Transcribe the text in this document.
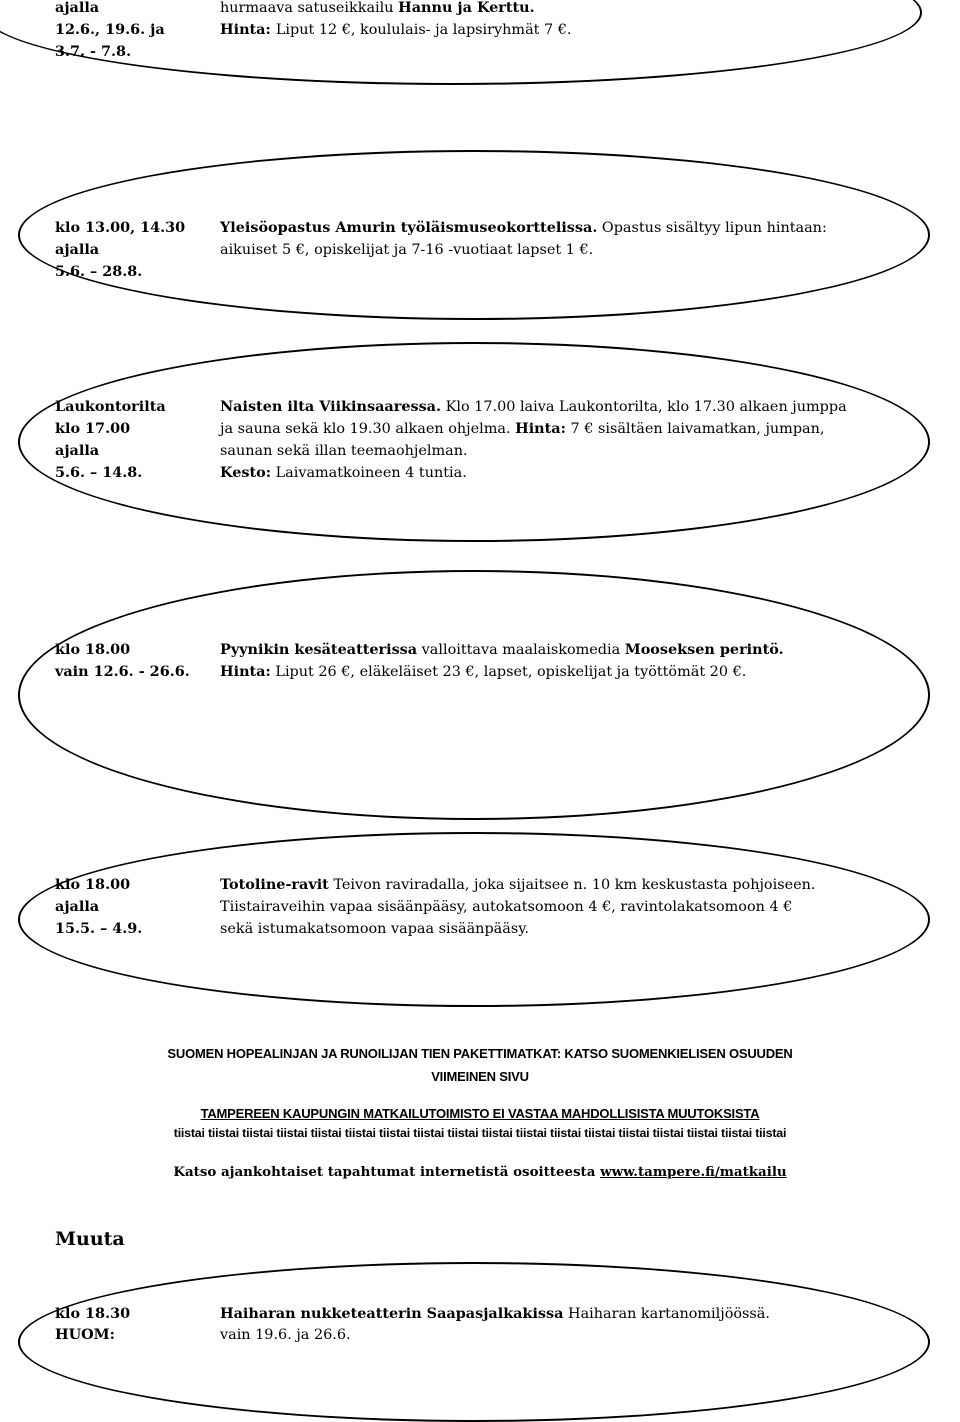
ajalla
12.6., 19.6. ja
3.7. - 7.8.
hurmaava satuseikkailu Hannu ja Kerttu.
Hinta: Liput 12 €, koululais- ja lapsiryhmät 7 €.
klo 13.00, 14.30
ajalla
5.6. – 28.8.
Yleisöopastus Amurin työläismuseokorttelissa. Opastus sisältyy lipun hintaan:
aikuiset 5 €, opiskelijat ja 7-16 -vuotiaat lapset 1 €.
Laukontorilta
klo 17.00
ajalla
5.6. – 14.8.
Naisten ilta Viikinsaaressa. Klo 17.00 laiva Laukontorilta, klo 17.30 alkaen jumppa
ja sauna sekä klo 19.30 alkaen ohjelma. Hinta: 7 € sisältäen laivamatkan, jumpan,
saunan sekä illan teemaohjelman.
Kesto: Laivamatkoineen 4 tuntia.
klo 18.00
vain 12.6. - 26.6.
Pyynikin kesäteatterissa valloittava maalaiskomedia Mooseksen perintö.
Hinta: Liput 26 €, eläkeläiset 23 €, lapset, opiskelijat ja työttömät 20 €.
klo 18.00
ajalla
15.5. – 4.9.
Totoline-ravit Teivon raviradalla, joka sijaitsee n. 10 km keskustasta pohjoiseen.
Tiistairaveihin vapaa sisäänpääsy, autokatsomoon 4 €, ravintolakatsomoon 4 €
sekä istumakatsomoon vapaa sisäänpääsy.
SUOMEN HOPEALINJAN JA RUNOILIJAN TIEN PAKETTIMATKAT: KATSO SUOMENKIELISEN OSUUDEN
VIIMEINEN SIVU
TAMPEREEN KAUPUNGIN MATKAILUTOIMISTO EI VASTAA MAHDOLLISISTA MUUTOKSISTA
tiistai tiistai tiistai tiistai tiistai tiistai tiistai tiistai tiistai tiistai tiistai tiistai tiistai tiistai tiistai tiistai tiistai tiistai
Katso ajankohtaiset tapahtumat internetistä osoitteesta www.tampere.fi/matkailu
Muuta
klo 18.30
HUOM:
Haiharan nukketeatterin Saapasjalkakissa Haiharan kartanomiljöössä.
vain 19.6. ja 26.6.
